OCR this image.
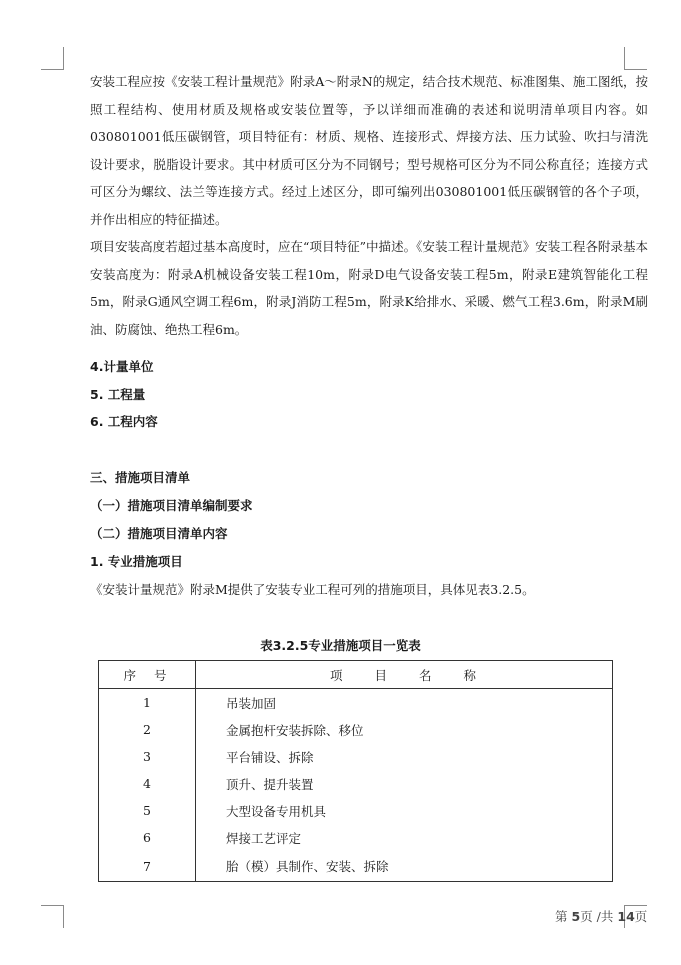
安装工程应按《安装工程计量规范》附录A～附录N的规定，结合技术规范、标准图集、施工图纸，按照工程结构、使用材质及规格或安装位置等，予以详细而准确的表述和说明清单项目内容。如030801001低压碳钢管，项目特征有：材质、规格、连接形式、焊接方法、压力试验、吹扫与清洗设计要求，脱脂设计要求。其中材质可区分为不同钢号；型号规格可区分为不同公称直径；连接方式可区分为螺纹、法兰等连接方式。经过上述区分，即可编列出030801001低压碳钢管的各个子项，并作出相应的特征描述。

项目安装高度若超过基本高度时，应在“项目特征”中描述。《安装工程计量规范》安装工程各附录基本安装高度为：附录A机械设备安装工程10m，附录D电气设备安装工程5m，附录E建筑智能化工程5m，附录G通风空调工程6m，附录J消防工程5m，附录K给排水、采暖、燃气工程3.6m，附录M刷油、防腐蚀、绝热工程6m。

4.计量单位

5. 工程量

6. 工程内容

三、措施项目清单

（一）措施项目清单编制要求

（二）措施项目清单内容

1. 专业措施项目

《安装计量规范》附录M提供了安装专业工程可列的措施项目，具体见表3.2.5。

表3.2.5专业措施项目一览表
序号	项目名称
1	吊装加固
2	金属抱杆安装拆除、移位
3	平台铺设、拆除
4	顶升、提升装置
5	大型设备专用机具
6	焊接工艺评定
7	胎（模）具制作、安装、拆除
第 5页 /共 14页
